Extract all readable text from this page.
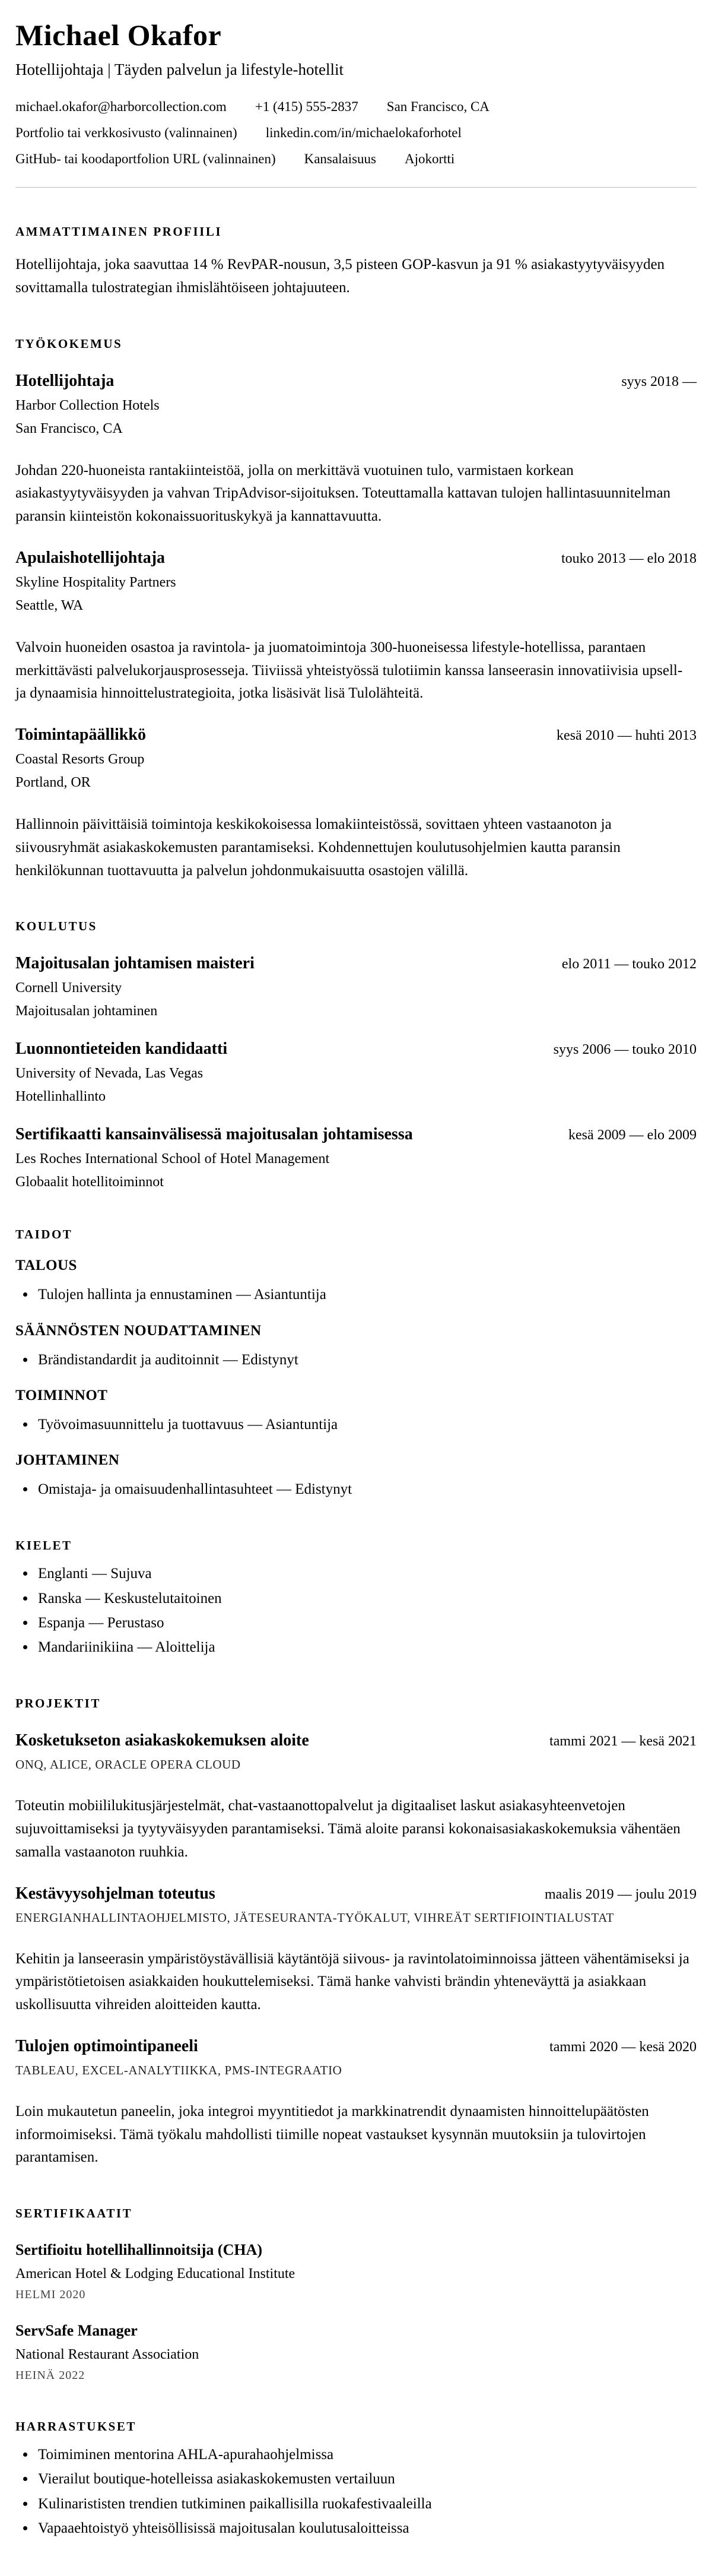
Michael Okafor

Hotellijohtaja | Täyden palvelun ja lifestyle-hotellit

michael.okafor@harborcollection.com +1 (415) 555-2837 San Francisco, CA
Portfolio tai verkkosivusto (valinnainen) linkedin.com/in/michaelokaforhotel
GitHub- tai koodaportfolion URL (valinnainen) Kansalaisuus Ajokortti
AMMATTIMAINEN PROFIILI

Hotellijohtaja, joka saavuttaa 14 % RevPAR-nousun, 3,5 pisteen GOP-kasvun ja 91 % asiakastyytyväisyyden sovittamalla tulostrategian ihmislähtöiseen johtajuuteen.

TYÖKOKEMUS
Hotellijohtaja	syys 2018 —
Harbor Collection Hotels
San Francisco, CA

Johdan 220-huoneista rantakiinteistöä, jolla on merkittävä vuotuinen tulo, varmistaen korkean asiakastyytyväisyyden ja vahvan TripAdvisor-sijoituksen. Toteuttamalla kattavan tulojen hallintasuunnitelman paransin kiinteistön kokonaissuorituskykyä ja kannattavuutta.

Apulaishotellijohtaja	touko 2013 — elo 2018
Skyline Hospitality Partners
Seattle, WA

Valvoin huoneiden osastoa ja ravintola- ja juomatoimintoja 300-huoneisessa lifestyle-hotellissa, parantaen merkittävästi palvelukorjausprosesseja. Tiiviissä yhteistyössä tulotiimin kanssa lanseerasin innovatiivisia upsell- ja dynaamisia hinnoittelustrategioita, jotka lisäsivät lisä Tulolähteitä.

Toimintapäällikkö	kesä 2010 — huhti 2013
Coastal Resorts Group
Portland, OR

Hallinnoin päivittäisiä toimintoja keskikokoisessa lomakiinteistössä, sovittaen yhteen vastaanoton ja siivousryhmät asiakaskokemusten parantamiseksi. Kohdennettujen koulutusohjelmien kautta paransin henkilökunnan tuottavuutta ja palvelun johdonmukaisuutta osastojen välillä.

KOULUTUS
Majoitusalan johtamisen maisteri	elo 2011 — touko 2012
Cornell University
Majoitusalan johtaminen
Luonnontieteiden kandidaatti	syys 2006 — touko 2010
University of Nevada, Las Vegas
Hotellinhallinto
Sertifikaatti kansainvälisessä majoitusalan johtamisessa	kesä 2009 — elo 2009
Les Roches International School of Hotel Management
Globaalit hotellitoiminnot
TAIDOT
TALOUS
• Tulojen hallinta ja ennustaminen — Asiantuntija
SÄÄNNÖSTEN NOUDATTAMINEN
• Brändistandardit ja auditoinnit — Edistynyt
TOIMINNOT
• Työvoimasuunnittelu ja tuottavuus — Asiantuntija
JOHTAMINEN
• Omistaja- ja omaisuudenhallintasuhteet — Edistynyt
KIELET
• Englanti — Sujuva
• Ranska — Keskustelutaitoinen
• Espanja — Perustaso
• Mandariinikiina — Aloittelija
PROJEKTIT
Kosketukseton asiakaskokemuksen aloite	tammi 2021 — kesä 2021
ONQ, ALICE, ORACLE OPERA CLOUD

Toteutin mobiililukitusjärjestelmät, chat-vastaanottopalvelut ja digitaaliset laskut asiakasyhteenvetojen sujuvoittamiseksi ja tyytyväisyyden parantamiseksi. Tämä aloite paransi kokonaisasiakaskokemuksia vähentäen samalla vastaanoton ruuhkia.

Kestävyysohjelman toteutus	maalis 2019 — joulu 2019
ENERGIANHALLINTAOHJELMISTO, JÄTESEURANTA-TYÖKALUT, VIHREÄT SERTIFIOINTIALUSTAT

Kehitin ja lanseerasin ympäristöystävällisiä käytäntöjä siivous- ja ravintolatoiminnoissa jätteen vähentämiseksi ja ympäristötietoisen asiakkaiden houkuttelemiseksi. Tämä hanke vahvisti brändin yhteneväyttä ja asiakkaan uskollisuutta vihreiden aloitteiden kautta.

Tulojen optimointipaneeli	tammi 2020 — kesä 2020
TABLEAU, EXCEL-ANALYTIIKKA, PMS-INTEGRAATIO

Loin mukautetun paneelin, joka integroi myyntitiedot ja markkinatrendit dynaamisten hinnoittelupäätösten informoimiseksi. Tämä työkalu mahdollisti tiimille nopeat vastaukset kysynnän muutoksiin ja tulovirtojen parantamisen.

SERTIFIKAATIT
Sertifioitu hotellihallinnoitsija (CHA)
American Hotel & Lodging Educational Institute
HELMI 2020
ServSafe Manager
National Restaurant Association
HEINÄ 2022
HARRASTUKSET
• Toimiminen mentorina AHLA-apurahaohjelmissa
• Vierailut boutique-hotelleissa asiakaskokemusten vertailuun
• Kulinarististen trendien tutkiminen paikallisilla ruokafestivaaleilla
• Vapaaehtoistyö yhteisöllisissä majoitusalan koulutusaloitteissa
